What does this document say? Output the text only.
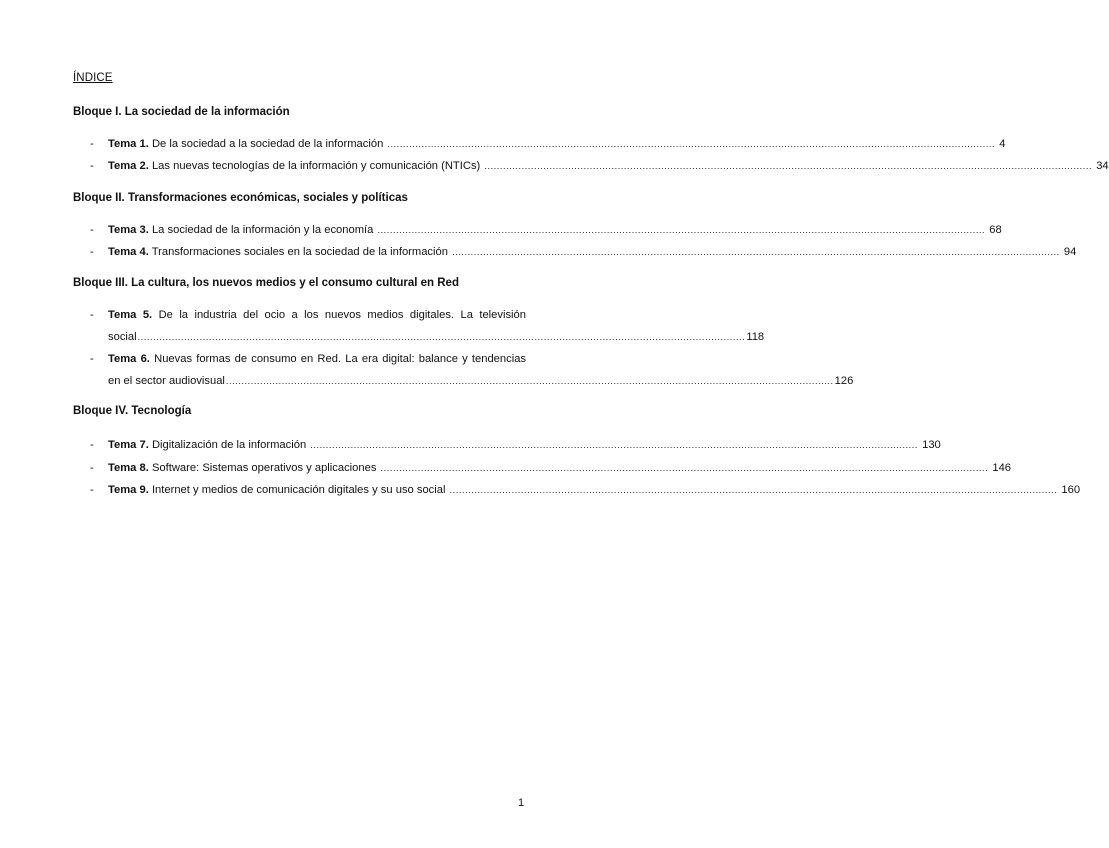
ÍNDICE
Bloque I. La sociedad de la información
- Tema 1. De la sociedad a la sociedad de la información .....	4
- Tema 2. Las nuevas tecnologías de la información y comunicación (NTICs) .....	34
Bloque II. Transformaciones económicas, sociales y políticas
- Tema 3. La sociedad de la información y la economía .....	68
- Tema 4. Transformaciones sociales en la sociedad de la información .....	94
Bloque III. La cultura, los nuevos medios y el consumo cultural en Red
- Tema 5. De la industria del ocio a los nuevos medios digitales. La televisión
social .....	118
- Tema 6. Nuevas formas de consumo en Red. La era digital: balance y tendencias
en el sector audiovisual .....	126
Bloque IV. Tecnología
- Tema 7. Digitalización de la información .....	130
- Tema 8. Software: Sistemas operativos y aplicaciones .....	146
- Tema 9. Internet y medios de comunicación digitales y su uso social .....	160
1
